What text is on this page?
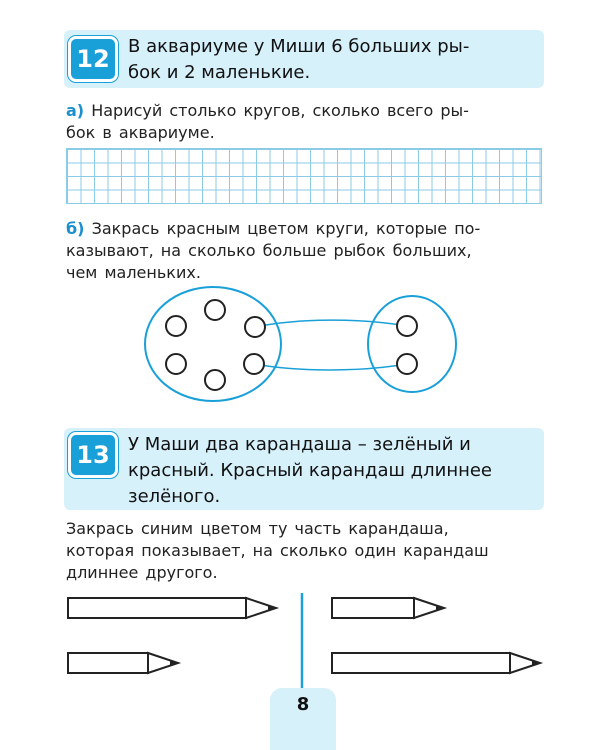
12 В аквариуме у Миши 6 больших ры-
бок и 2 маленькие.
а) Нарисуй столько кругов, сколько всего ры-
бок в аквариуме.
б) Закрась красным цветом круги, которые по-
казывают, на сколько больше рыбок больших,
чем маленьких.
13 У Маши два карандаша – зелёный и
красный. Красный карандаш длиннее
зелёного.
Закрась синим цветом ту часть карандаша,
которая показывает, на сколько один карандаш
длиннее другого.
8
